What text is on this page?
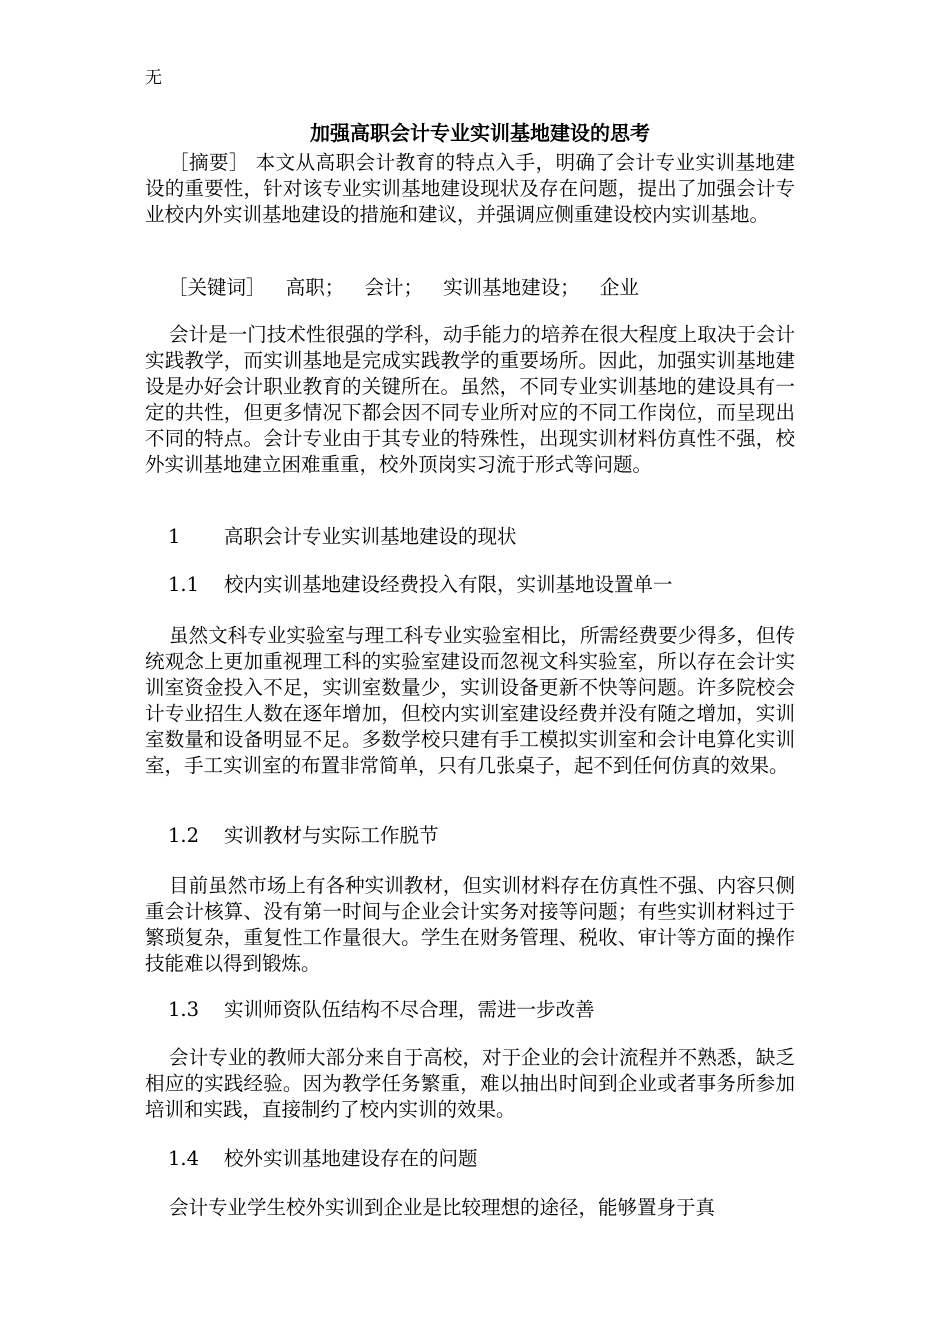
无
加强高职会计专业实训基地建设的思考

［摘要］ 本文从高职会计教育的特点入手，明确了会计专业实训基地建设的重要性，针对该专业实训基地建设现状及存在问题，提出了加强会计专业校内外实训基地建设的措施和建议，并强调应侧重建设校内实训基地。

［关键词］ 高职； 会计； 实训基地建设； 企业

会计是一门技术性很强的学科，动手能力的培养在很大程度上取决于会计实践教学，而实训基地是完成实践教学的重要场所。因此，加强实训基地建设是办好会计职业教育的关键所在。虽然，不同专业实训基地的建设具有一定的共性，但更多情况下都会因不同专业所对应的不同工作岗位，而呈现出不同的特点。会计专业由于其专业的特殊性，出现实训材料仿真性不强，校外实训基地建立困难重重，校外顶岗实习流于形式等问题。

1 高职会计专业实训基地建设的现状
1.1 校内实训基地建设经费投入有限，实训基地设置单一

虽然文科专业实验室与理工科专业实验室相比，所需经费要少得多，但传统观念上更加重视理工科的实验室建设而忽视文科实验室，所以存在会计实训室资金投入不足，实训室数量少，实训设备更新不快等问题。许多院校会计专业招生人数在逐年增加，但校内实训室建设经费并没有随之增加，实训室数量和设备明显不足。多数学校只建有手工模拟实训室和会计电算化实训室，手工实训室的布置非常简单，只有几张桌子，起不到任何仿真的效果。

1.2 实训教材与实际工作脱节

目前虽然市场上有各种实训教材，但实训材料存在仿真性不强、内容只侧重会计核算、没有第一时间与企业会计实务对接等问题；有些实训材料过于繁琐复杂，重复性工作量很大。学生在财务管理、税收、审计等方面的操作技能难以得到锻炼。

1.3 实训师资队伍结构不尽合理，需进一步改善

会计专业的教师大部分来自于高校，对于企业的会计流程并不熟悉，缺乏相应的实践经验。因为教学任务繁重，难以抽出时间到企业或者事务所参加培训和实践，直接制约了校内实训的效果。

1.4 校外实训基地建设存在的问题

会计专业学生校外实训到企业是比较理想的途径，能够置身于真
